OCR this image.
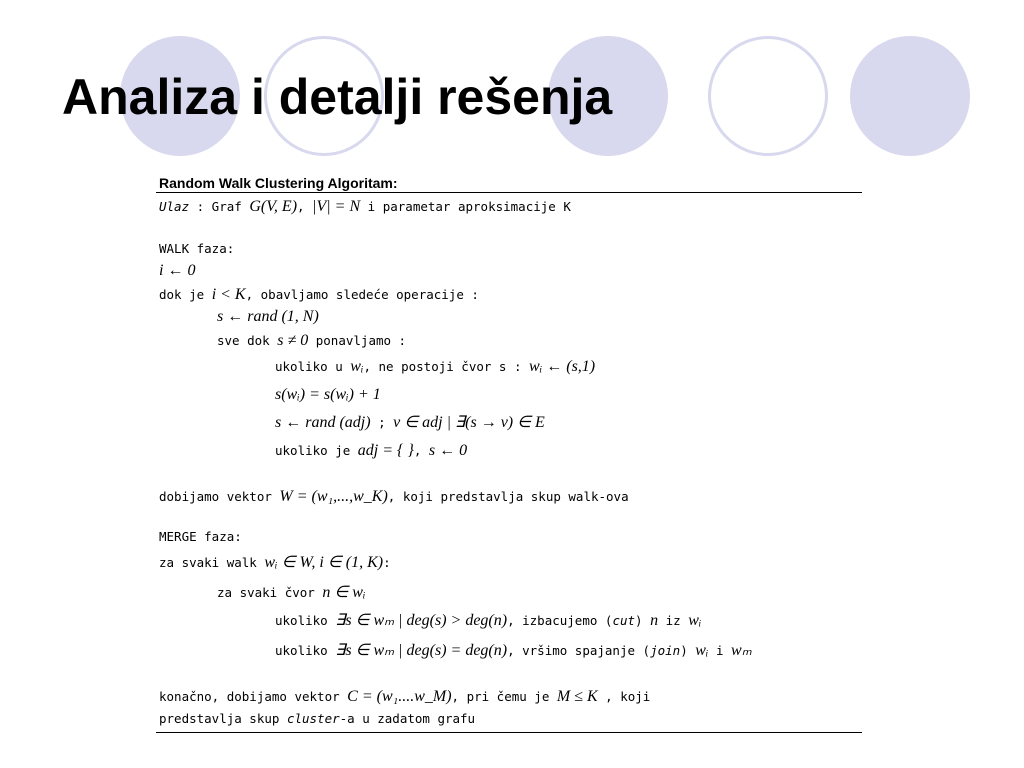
Analiza i detalji rešenja
Random Walk Clustering Algoritam:
Ulaz : Graf G(V, E), |V| = N i parametar aproksimacije K
WALK faza:
i ← 0
dok je i < K, obavljamo sledeće operacije :
s ← rand (1, N)
sve dok s ≠ 0 ponavljamo :
ukoliko u wᵢ, ne postoji čvor s : wᵢ ← (s,1)
s(wᵢ) = s(wᵢ) + 1
s ← rand (adj) ; v ∈ adj | ∃(s → v) ∈ E
ukoliko je adj = { }, s ← 0
dobijamo vektor W = (w₁,...,w_K), koji predstavlja skup walk-ova
MERGE faza:
za svaki walk wᵢ ∈ W, i ∈ (1, K):
za svaki čvor n ∈ wᵢ
ukoliko ∃s ∈ wₘ | deg(s) > deg(n), izbacujemo (cut) n iz wᵢ
ukoliko ∃s ∈ wₘ | deg(s) = deg(n), vršimo spajanje (join) wᵢ i wₘ
konačno, dobijamo vektor C = (w₁....w_M), pri čemu je M ≤ K , koji
predstavlja skup cluster-a u zadatom grafu
